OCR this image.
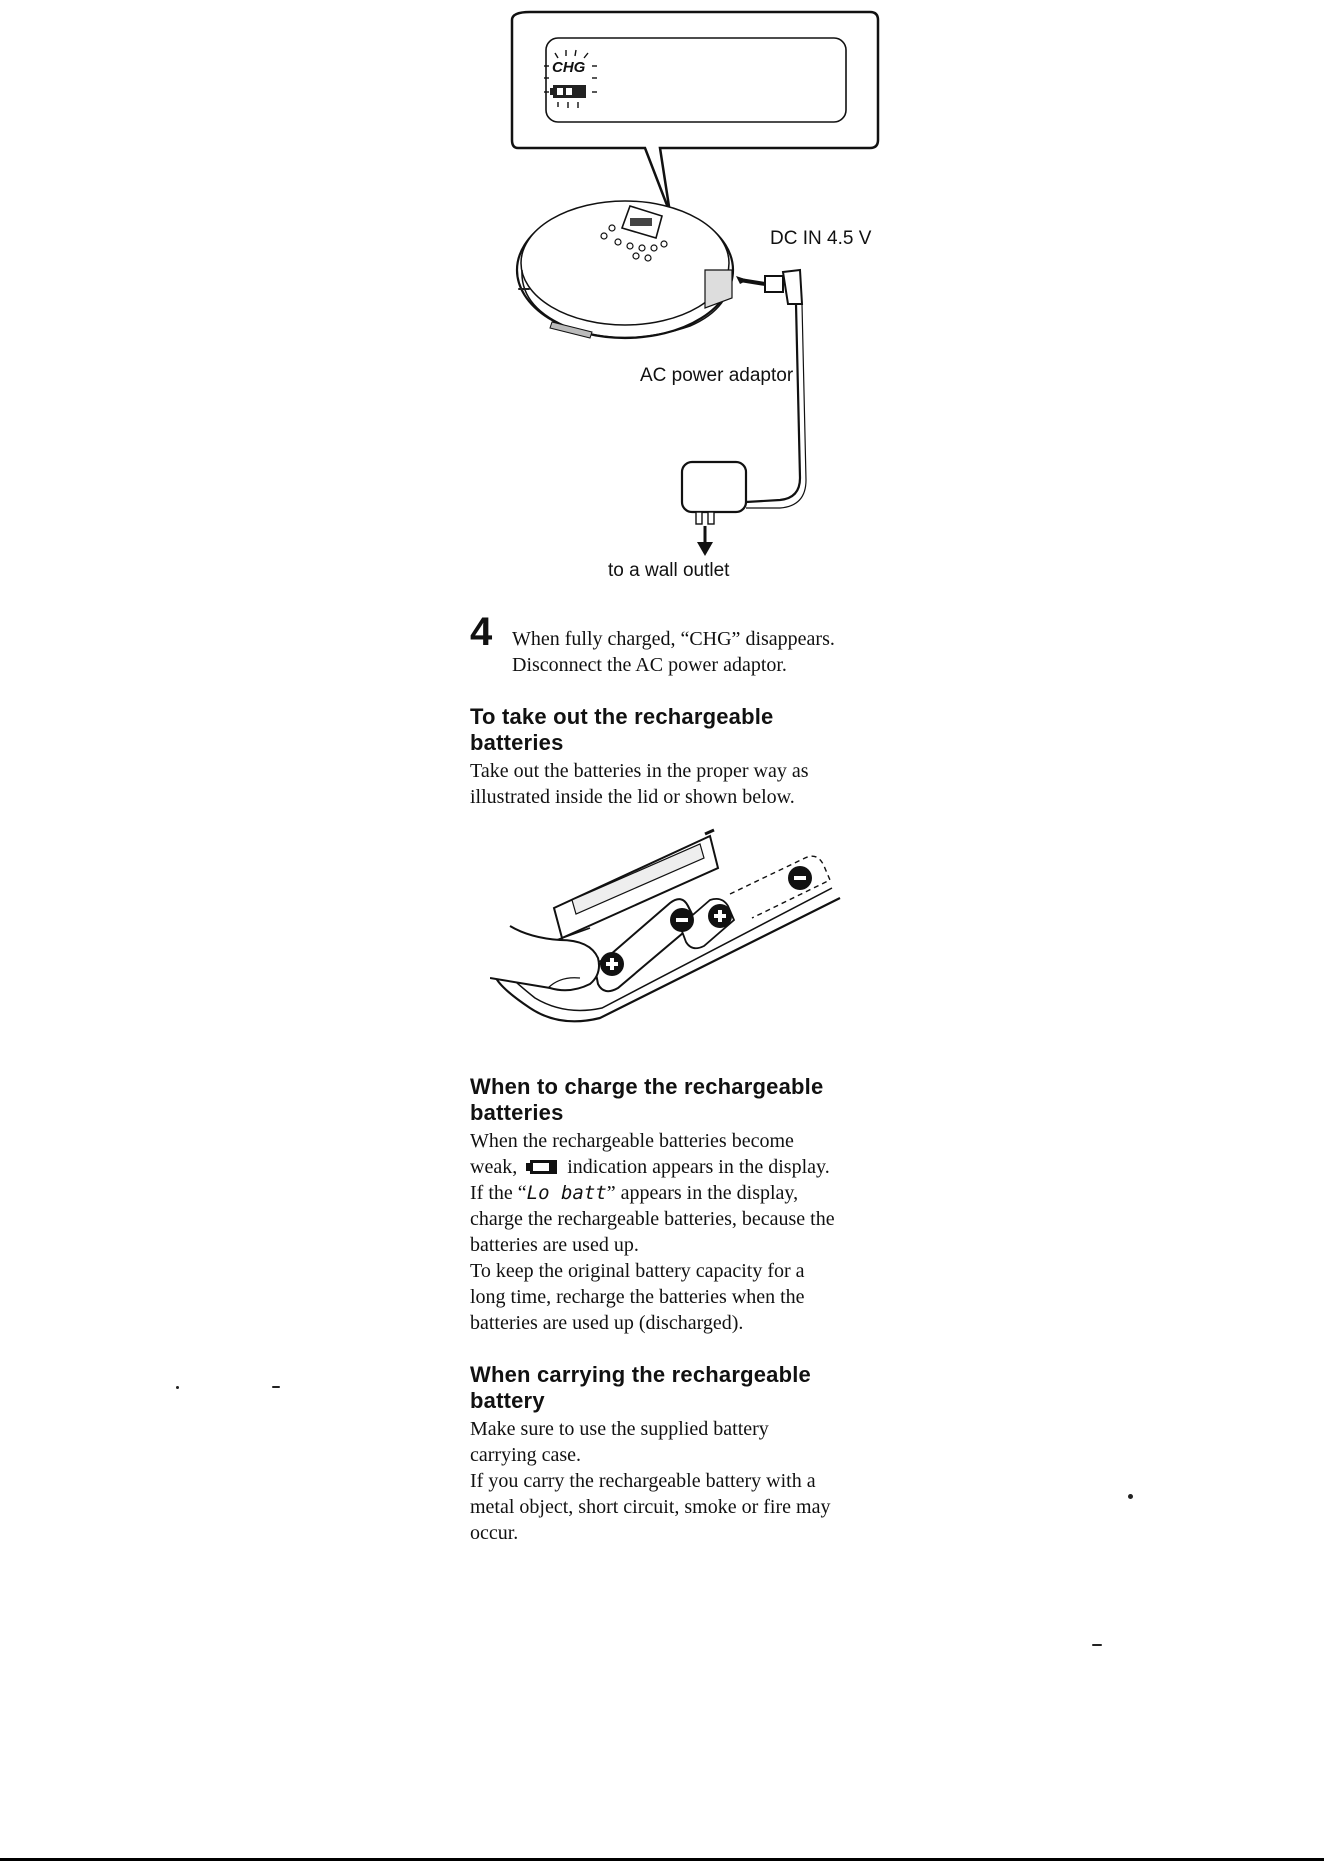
CHG
DC IN 4.5 V
AC power adaptor
to a wall outlet
4 When fully charged, “CHG” disappears.

Disconnect the AC power adaptor.

To take out the rechargeable
batteries

Take out the batteries in the proper way as

illustrated inside the lid or shown below.

When to charge the rechargeable
batteries

When the rechargeable batteries become

weak,	indication appears in the display.

If the “Lo batt” appears in the display,

charge the rechargeable batteries, because the

batteries are used up.

To keep the original battery capacity for a

long time, recharge the batteries when the

batteries are used up (discharged).

When carrying the rechargeable
battery

Make sure to use the supplied battery

carrying case.

If you carry the rechargeable battery with a

metal object, short circuit, smoke or fire may

occur.
